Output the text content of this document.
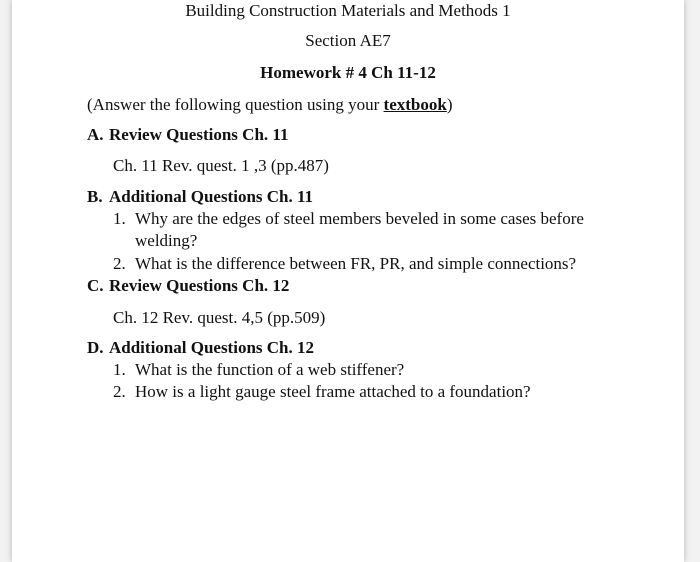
Building Construction Materials and Methods 1
Section AE7
Homework # 4 Ch 11-12
(Answer the following question using your textbook)
A. Review Questions Ch. 11
Ch. 11 Rev. quest. 1 ,3 (pp.487)
B. Additional Questions Ch. 11
1. Why are the edges of steel members beveled in some cases before
welding?
2. What is the difference between FR, PR, and simple connections?
C. Review Questions Ch. 12
Ch. 12 Rev. quest. 4,5 (pp.509)
D. Additional Questions Ch. 12
1. What is the function of a web stiffener?
2. How is a light gauge steel frame attached to a foundation?
